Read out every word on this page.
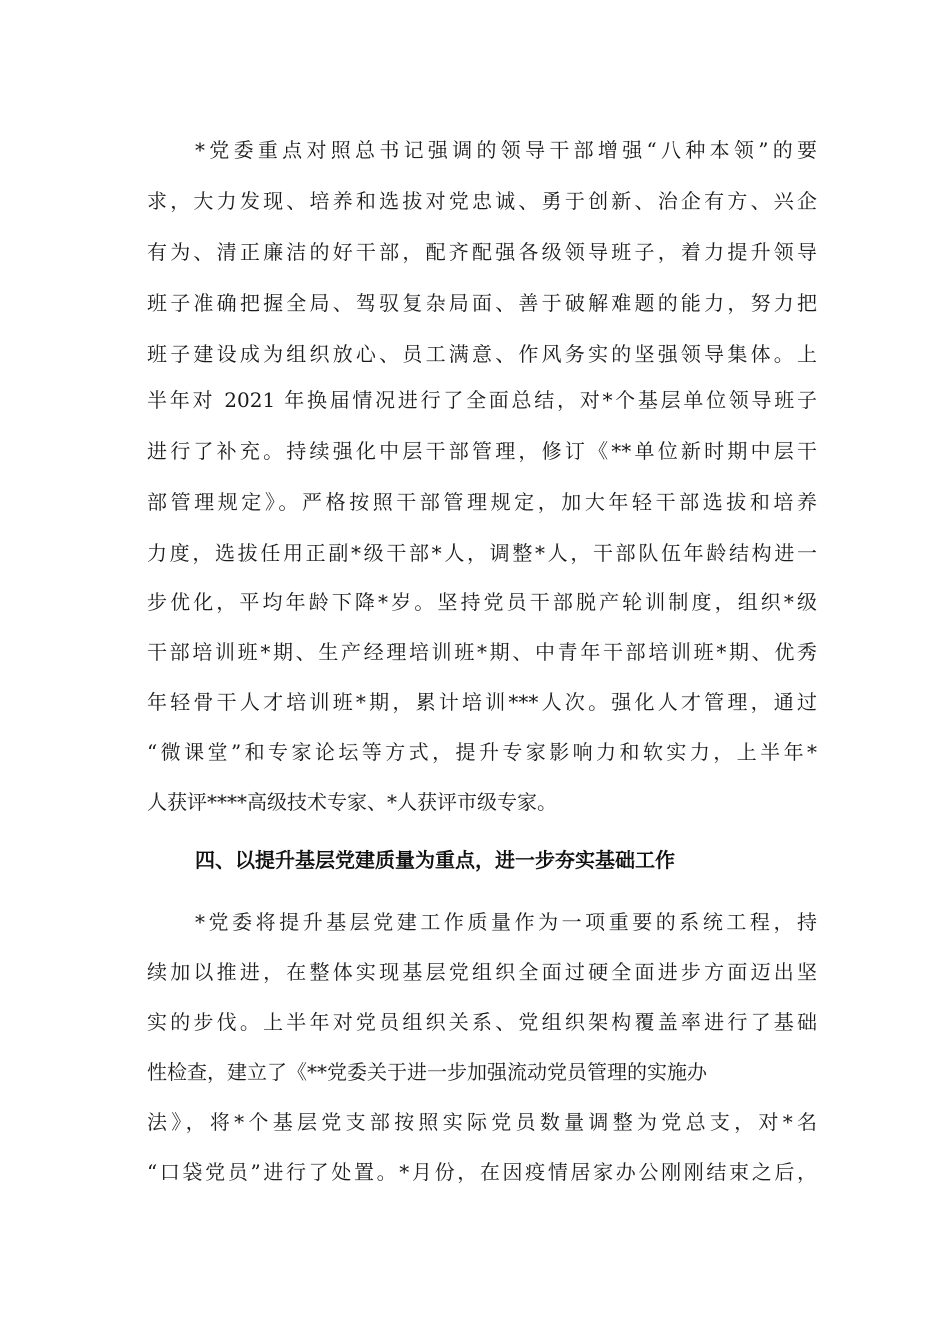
*党委重点对照总书记强调的领导干部增强“八种本领”的要
求，大力发现、培养和选拔对党忠诚、勇于创新、治企有方、兴企
有为、清正廉洁的好干部，配齐配强各级领导班子，着力提升领导
班子准确把握全局、驾驭复杂局面、善于破解难题的能力，努力把
班子建设成为组织放心、员工满意、作风务实的坚强领导集体。上
半年对 2021 年换届情况进行了全面总结，对*个基层单位领导班子
进行了补充。持续强化中层干部管理，修订《**单位新时期中层干
部管理规定》。严格按照干部管理规定，加大年轻干部选拔和培养
力度，选拔任用正副*级干部*人，调整*人，干部队伍年龄结构进一
步优化，平均年龄下降*岁。坚持党员干部脱产轮训制度，组织*级
干部培训班*期、生产经理培训班*期、中青年干部培训班*期、优秀
年轻骨干人才培训班*期，累计培训***人次。强化人才管理，通过
“微课堂”和专家论坛等方式，提升专家影响力和软实力，上半年*
人获评****高级技术专家、*人获评市级专家。
四、以提升基层党建质量为重点，进一步夯实基础工作
*党委将提升基层党建工作质量作为一项重要的系统工程，持
续加以推进，在整体实现基层党组织全面过硬全面进步方面迈出坚
实的步伐。上半年对党员组织关系、党组织架构覆盖率进行了基础
性检查，建立了《**党委关于进一步加强流动党员管理的实施办
法》，将*个基层党支部按照实际党员数量调整为党总支，对*名
“口袋党员”进行了处置。*月份，在因疫情居家办公刚刚结束之后，
